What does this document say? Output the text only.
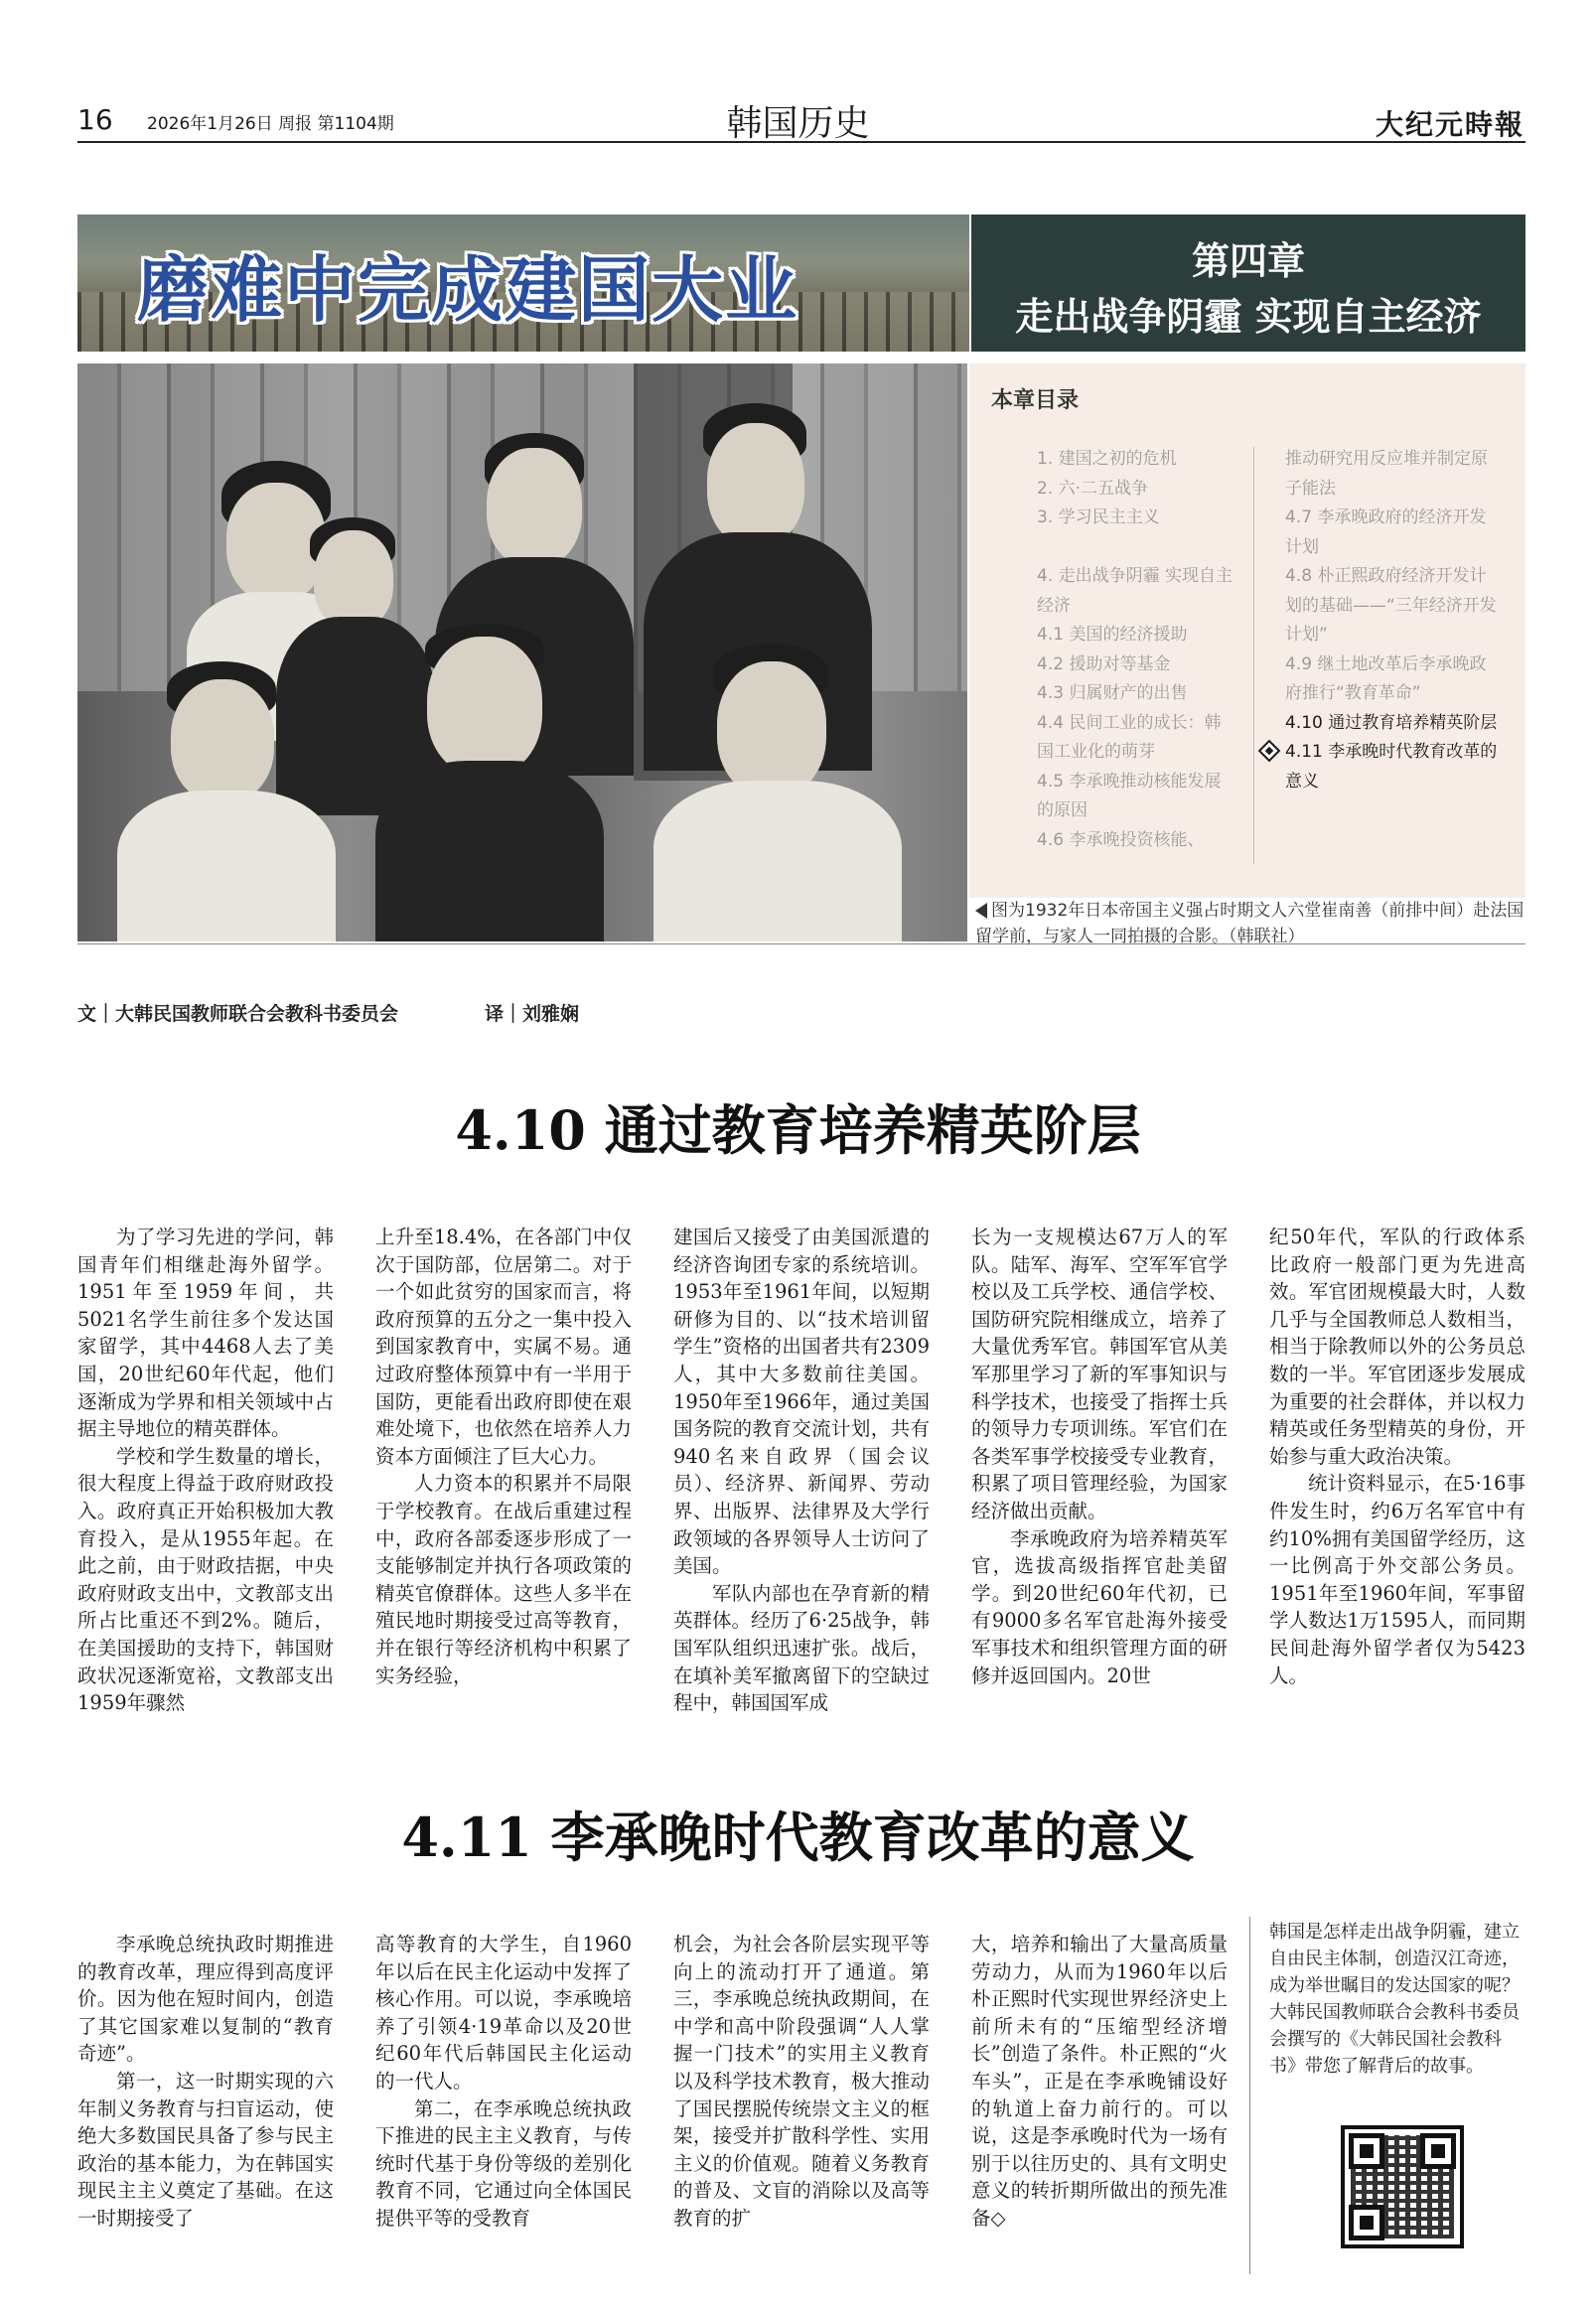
16 2026年1月26日 周报 第1104期	韩国历史	大纪元時報
磨难中完成建国大业	第四章
走出战争阴霾 实现自主经济
本章目录
1. 建国之初的危机
2. 六·二五战争
3. 学习民主主义
4. 走出战争阴霾 实现自主经济
4.1 美国的经济援助
4.2 援助对等基金
4.3 归属财产的出售
4.4 民间工业的成长：韩国工业化的萌芽
4.5 李承晚推动核能发展的原因
4.6 李承晚投资核能、
推动研究用反应堆并制定原子能法
4.7 李承晚政府的经济开发计划
4.8 朴正熙政府经济开发计划的基础——“三年经济开发计划”
4.9 继土地改革后李承晚政府推行“教育革命”
4.10 通过教育培养精英阶层
4.11 李承晚时代教育改革的意义
图为1932年日本帝国主义强占时期文人六堂崔南善（前排中间）赴法国留学前，与家人一同拍摄的合影。（韩联社）
文｜大韩民国教师联合会教科书委员会	译｜刘雅娴
4.10 通过教育培养精英阶层

为了学习先进的学问，韩国青年们相继赴海外留学。1951年至1959年间，共5021名学生前往多个发达国家留学，其中4468人去了美国，20世纪60年代起，他们逐渐成为学界和相关领域中占据主导地位的精英群体。

学校和学生数量的增长，很大程度上得益于政府财政投入。政府真正开始积极加大教育投入，是从1955年起。在此之前，由于财政拮据，中央政府财政支出中，文教部支出所占比重还不到2%。随后，在美国援助的支持下，韩国财政状况逐渐宽裕，文教部支出1959年骤然

上升至18.4%，在各部门中仅次于国防部，位居第二。对于一个如此贫穷的国家而言，将政府预算的五分之一集中投入到国家教育中，实属不易。通过政府整体预算中有一半用于国防，更能看出政府即使在艰难处境下，也依然在培养人力资本方面倾注了巨大心力。

人力资本的积累并不局限于学校教育。在战后重建过程中，政府各部委逐步形成了一支能够制定并执行各项政策的精英官僚群体。这些人多半在殖民地时期接受过高等教育，并在银行等经济机构中积累了实务经验，

建国后又接受了由美国派遣的经济咨询团专家的系统培训。1953年至1961年间，以短期研修为目的、以“技术培训留学生”资格的出国者共有2309人，其中大多数前往美国。1950年至1966年，通过美国国务院的教育交流计划，共有940名来自政界（国会议员）、经济界、新闻界、劳动界、出版界、法律界及大学行政领域的各界领导人士访问了美国。

军队内部也在孕育新的精英群体。经历了6·25战争，韩国军队组织迅速扩张。战后，在填补美军撤离留下的空缺过程中，韩国国军成

长为一支规模达67万人的军队。陆军、海军、空军军官学校以及工兵学校、通信学校、国防研究院相继成立，培养了大量优秀军官。韩国军官从美军那里学习了新的军事知识与科学技术，也接受了指挥士兵的领导力专项训练。军官们在各类军事学校接受专业教育，积累了项目管理经验，为国家经济做出贡献。

李承晚政府为培养精英军官，选拔高级指挥官赴美留学。到20世纪60年代初，已有9000多名军官赴海外接受军事技术和组织管理方面的研修并返回国内。20世

纪50年代，军队的行政体系比政府一般部门更为先进高效。军官团规模最大时，人数几乎与全国教师总人数相当，相当于除教师以外的公务员总数的一半。军官团逐步发展成为重要的社会群体，并以权力精英或任务型精英的身份，开始参与重大政治决策。

统计资料显示，在5·16事件发生时，约6万名军官中有约10%拥有美国留学经历，这一比例高于外交部公务员。1951年至1960年间，军事留学人数达1万1595人，而同期民间赴海外留学者仅为5423人。

4.11 李承晚时代教育改革的意义

李承晚总统执政时期推进的教育改革，理应得到高度评价。因为他在短时间内，创造了其它国家难以复制的“教育奇迹”。

第一，这一时期实现的六年制义务教育与扫盲运动，使绝大多数国民具备了参与民主政治的基本能力，为在韩国实现民主主义奠定了基础。在这一时期接受了

高等教育的大学生，自1960年以后在民主化运动中发挥了核心作用。可以说，李承晚培养了引领4·19革命以及20世纪60年代后韩国民主化运动的一代人。

第二，在李承晚总统执政下推进的民主主义教育，与传统时代基于身份等级的差别化教育不同，它通过向全体国民提供平等的受教育

机会，为社会各阶层实现平等向上的流动打开了通道。第三，李承晚总统执政期间，在中学和高中阶段强调“人人掌握一门技术”的实用主义教育以及科学技术教育，极大推动了国民摆脱传统崇文主义的框架，接受并扩散科学性、实用主义的价值观。随着义务教育的普及、文盲的消除以及高等教育的扩

大，培养和输出了大量高质量劳动力，从而为1960年以后朴正熙时代实现世界经济史上前所未有的“压缩型经济增长”创造了条件。朴正熙的“火车头”，正是在李承晚铺设好的轨道上奋力前行的。可以说，这是李承晚时代为一场有别于以往历史的、具有文明史意义的转折期所做出的预先准备◇

韩国是怎样走出战争阴霾，建立自由民主体制，创造汉江奇迹，成为举世瞩目的发达国家的呢？大韩民国教师联合会教科书委员会撰写的《大韩民国社会教科书》带您了解背后的故事。
